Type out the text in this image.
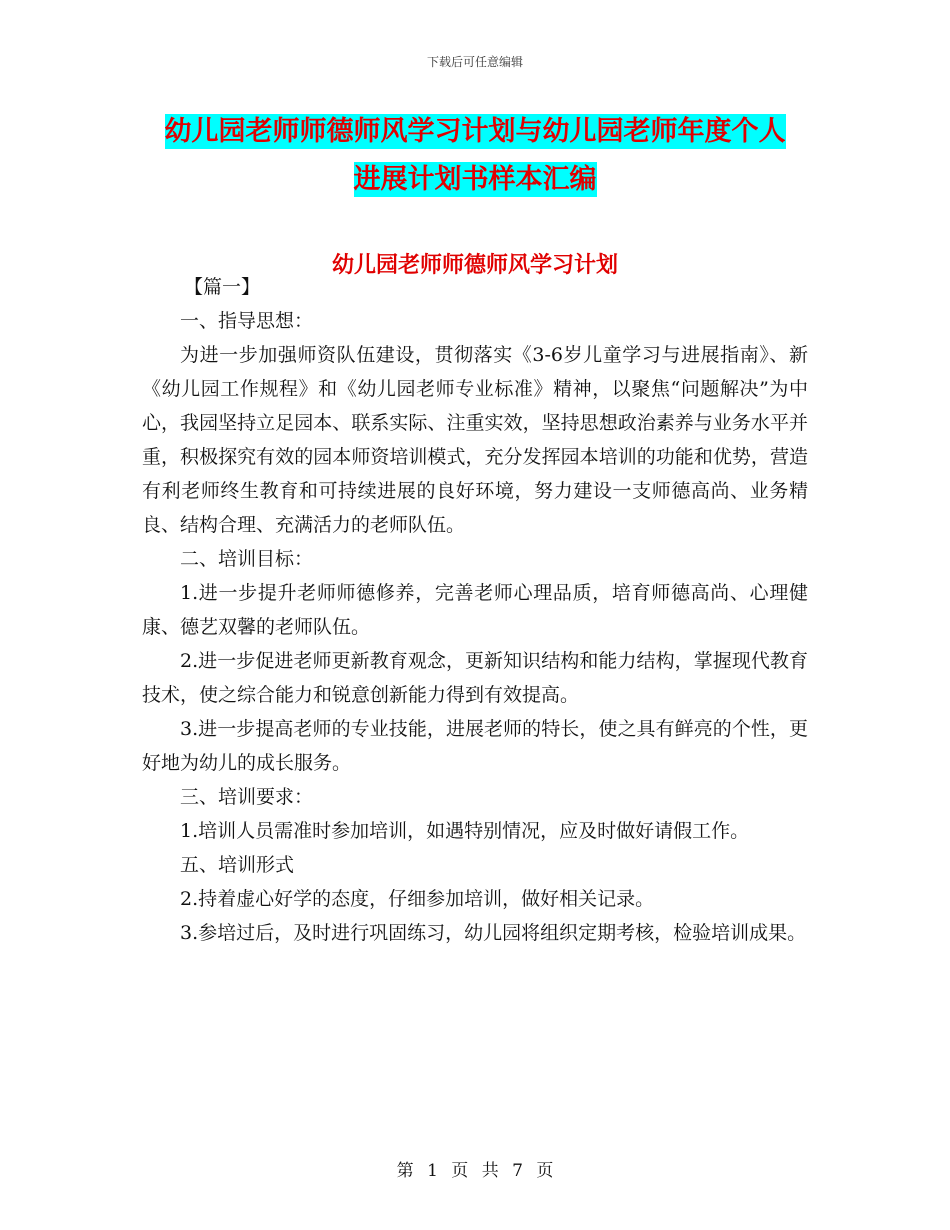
下载后可任意编辑
幼儿园老师师德师风学习计划与幼儿园老师年度个人
进展计划书样本汇编
幼儿园老师师德师风学习计划

【篇一】

一、指导思想：

为进一步加强师资队伍建设，贯彻落实《3-6岁儿童学习与进展指南》、新《幼儿园工作规程》和《幼儿园老师专业标准》精神，以聚焦“问题解决”为中心，我园坚持立足园本、联系实际、注重实效，坚持思想政治素养与业务水平并重，积极探究有效的园本师资培训模式，充分发挥园本培训的功能和优势，营造有利老师终生教育和可持续进展的良好环境，努力建设一支师德高尚、业务精良、结构合理、充满活力的老师队伍。

二、培训目标：

1.进一步提升老师师德修养，完善老师心理品质，培育师德高尚、心理健康、德艺双馨的老师队伍。

2.进一步促进老师更新教育观念，更新知识结构和能力结构，掌握现代教育技术，使之综合能力和锐意创新能力得到有效提高。

3.进一步提高老师的专业技能，进展老师的特长，使之具有鲜亮的个性，更好地为幼儿的成长服务。

三、培训要求：

1.培训人员需准时参加培训，如遇特别情况，应及时做好请假工作。

五、培训形式

2.持着虚心好学的态度，仔细参加培训，做好相关记录。

3.参培过后，及时进行巩固练习，幼儿园将组织定期考核，检验培训成果。

第 1 页 共 7 页
